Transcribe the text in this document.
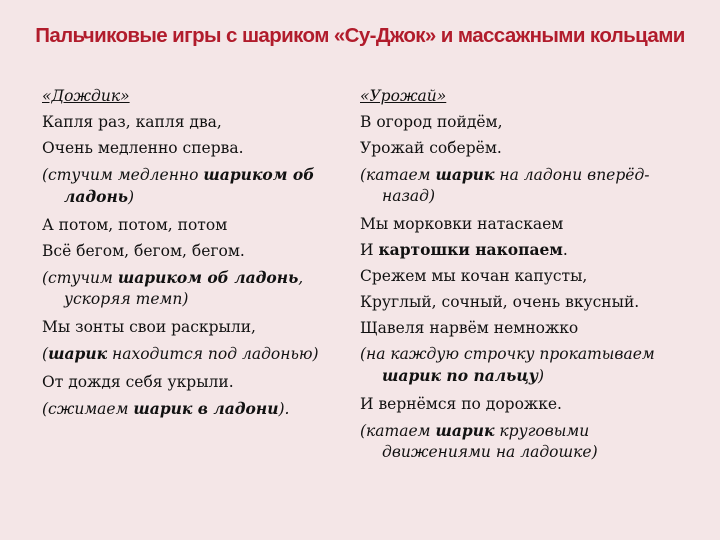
Пальчиковые игры с шариком «Су-Джок» и массажными кольцами
«Дождик»
Капля раз, капля два,
Очень медленно сперва.
(стучим медленно шариком об ладонь)
А потом, потом, потом
Всё бегом, бегом, бегом.
(стучим шариком об ладонь, ускоряя темп)
Мы зонты свои раскрыли,
(шарик находится под ладонью)
От дождя себя укрыли.
(сжимаем шарик в ладони).
«Урожай»
В огород пойдём,
Урожай соберём.
(катаем шарик на ладони вперёд-назад)
Мы морковки натаскаем
И картошки накопаем.
Срежем мы кочан капусты,
Круглый, сочный, очень вкусный.
Щавеля нарвём немножко
(на каждую строчку прокатываем шарик по пальцу)
И вернёмся по дорожке.
(катаем шарик круговыми движениями на ладошке)
